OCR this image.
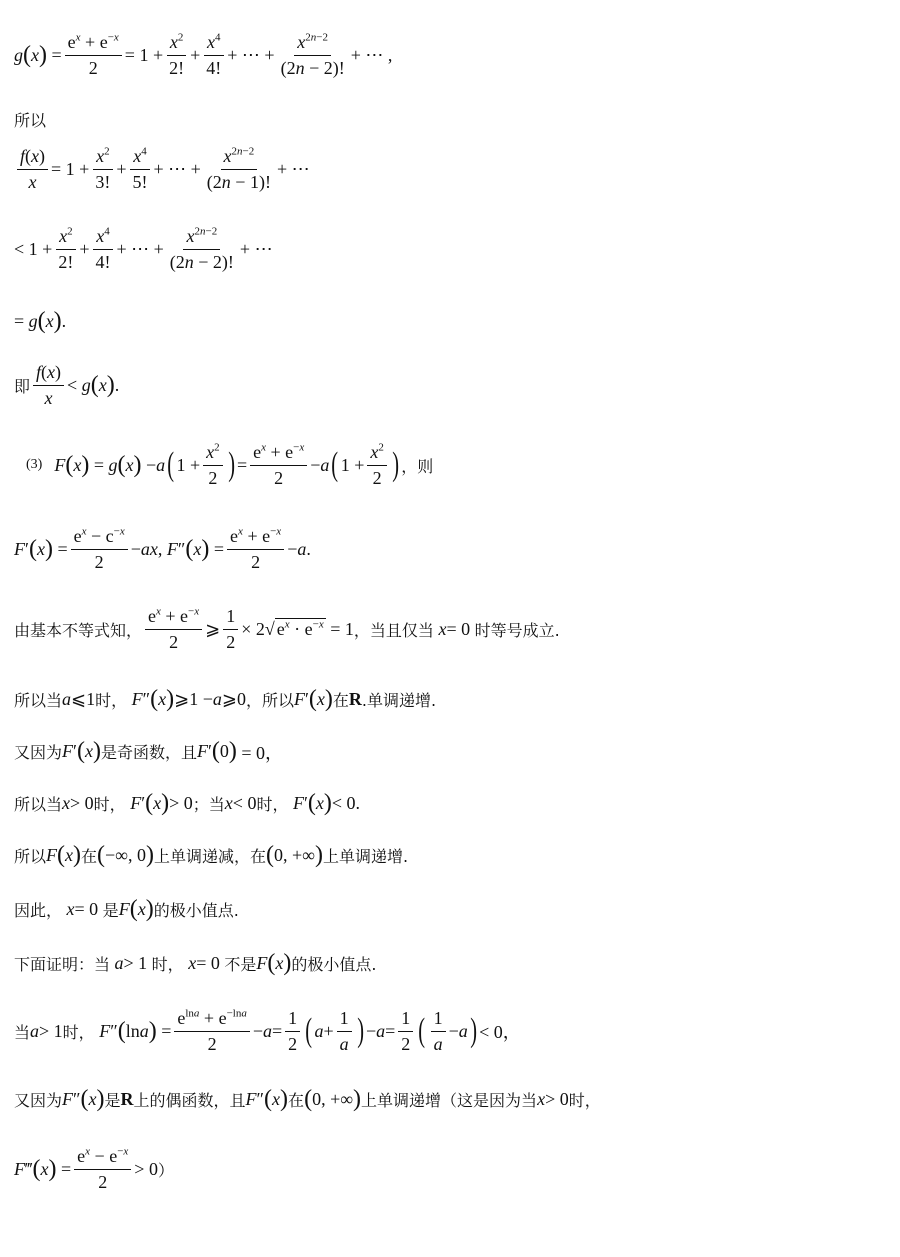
g ( x ) = $\frac{e^x + e^{-x}}{2} = 1 + \frac{x^2}{2!} + \frac{x^4}{4!}$ + ⋯ + $\frac{x^{2n-2}}{(2n - 2)!}$ + ⋯ ,
所以
$\frac{f(x)}{x} = 1 + \frac{x^2}{3!} + \frac{x^4}{5!}$ + ⋯ + $\frac{x^{2n-2}}{(2n - 1)!}$ + ⋯
< $1 + \frac{x^2}{2!} + \frac{x^4}{4!}$ + ⋯ + $\frac{x^{2n-2}}{(2n - 2)!}$ + ⋯
= g ( x ) .
即 $\frac{f(x)}{x} < g$ ( x ) .
(3) F ( x ) = g ( x ) − a ( $1 + \frac{x^2}{2}$ ) = $\frac{e^x + e^{-x}}{2} - a$ ( $1 + \frac{x^2}{2}$ ) ，则
F ′ ( x ) = $\frac{e^x - c^{-x}}{2}$ − ax , F ″ ( x ) = $\frac{e^x + e^{-x}}{2} - a$ .
由基本不等式知， $\frac{e^x + e^{-x}}{2}$ ⩾ $\frac{1}{2} \times 2√$ $e^x \cdot e^{-x} = 1$ ，当且仅当
x = 0 时等号成立.
所以当 a ⩽1 时，
F ″ ( x ) ⩾1 − a ⩾0 ，所以 F ′ ( x ) 在 R .单调递增.
又因为 F ′ ( x ) 是奇函数，且 F ′ ( 0 ) = 0，
所以当 x > 0 时，
F ′ ( x ) > 0 ；当 x < 0 时，
F ′ ( x ) < 0.
所以 F ( x ) 在 ( −∞, 0 ) 上单调递减，在 ( 0, +∞ ) 上单调递增.
因此，
x = 0 是 F ( x ) 的极小值点.
下面证明：当
a > 1 时，
x = 0 不是 F ( x ) 的极小值点.
当 a > 1 时，
F ″ ( ln a ) = $\frac{e^{lna} + e^{-lna}}{2} - a = \frac{1}{2}$ ( $a + \frac{1}{a}$ ) − $a = \frac{1}{2}$ ( $\frac{1}{a} - a$ ) < 0，
又因为 F ″ ( x ) 是 R 上的偶函数，且 F ″ ( x ) 在 ( 0, +∞ ) 上单调递增（这是因为当 x > 0 时，
F ‴ ( x ) = $\frac{e^x - e^{-x}}{2} > 0$ ）
